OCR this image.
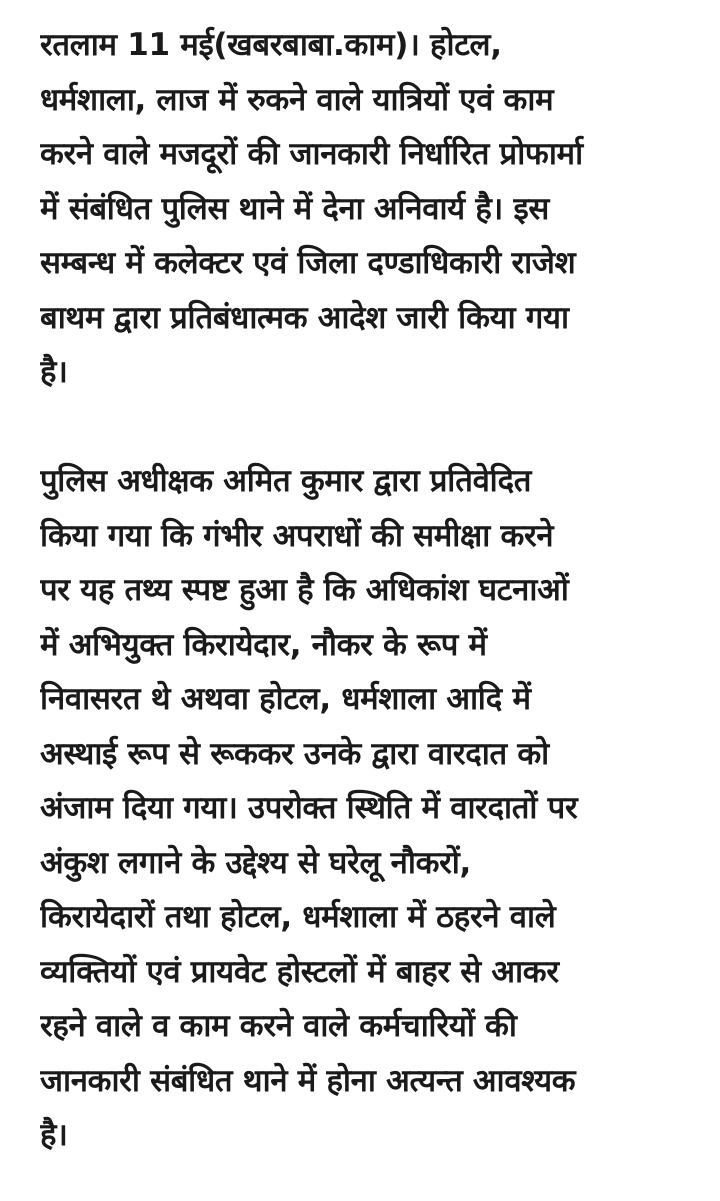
रतलाम 11 मई(खबरबाबा.काम)। होटल,
धर्मशाला, लाज में रुकने वाले यात्रियों एवं काम
करने वाले मजदूरों की जानकारी निर्धारित प्रोफार्मा
में संबंधित पुलिस थाने में देना अनिवार्य है। इस
सम्बन्ध में कलेक्टर एवं जिला दण्डाधिकारी राजेश
बाथम द्वारा प्रतिबंधात्मक आदेश जारी किया गया
है।

पुलिस अधीक्षक अमित कुमार द्वारा प्रतिवेदित
किया गया कि गंभीर अपराधों की समीक्षा करने
पर यह तथ्य स्पष्ट हुआ है कि अधिकांश घटनाओं
में अभियुक्त किरायेदार, नौकर के रूप में
निवासरत थे अथवा होटल, धर्मशाला आदि में
अस्थाई रूप से रूककर उनके द्वारा वारदात को
अंजाम दिया गया। उपरोक्त स्थिति में वारदातों पर
अंकुश लगाने के उद्देश्य से घरेलू नौकरों,
किरायेदारों तथा होटल, धर्मशाला में ठहरने वाले
व्यक्तियों एवं प्रायवेट होस्टलों में बाहर से आकर
रहने वाले व काम करने वाले कर्मचारियों की
जानकारी संबंधित थाने में होना अत्यन्त आवश्यक
है।
